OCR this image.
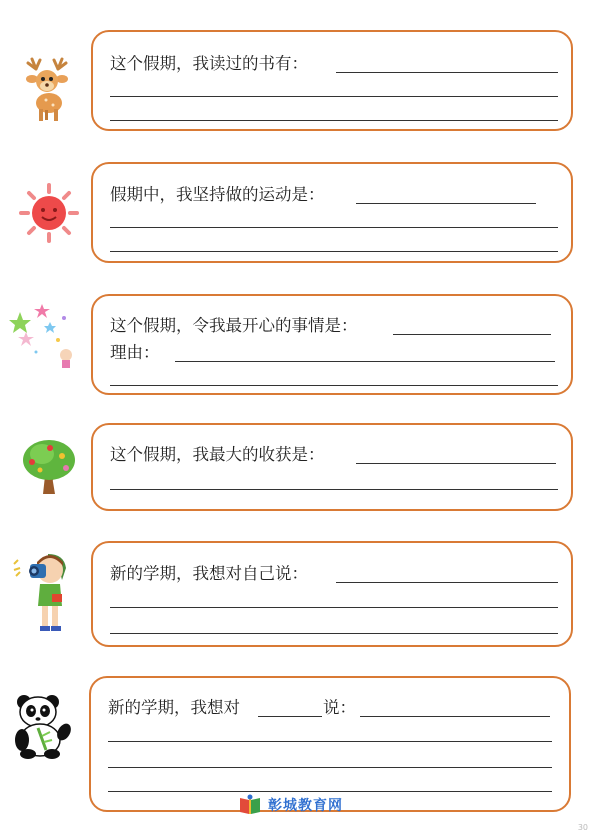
这个假期，我读过的书有：
假期中，我坚持做的运动是：
这个假期，令我最开心的事情是：
理由：
这个假期，我最大的收获是：
新的学期，我想对自己说：
新的学期，我想对	说：
彰城教育网
30
